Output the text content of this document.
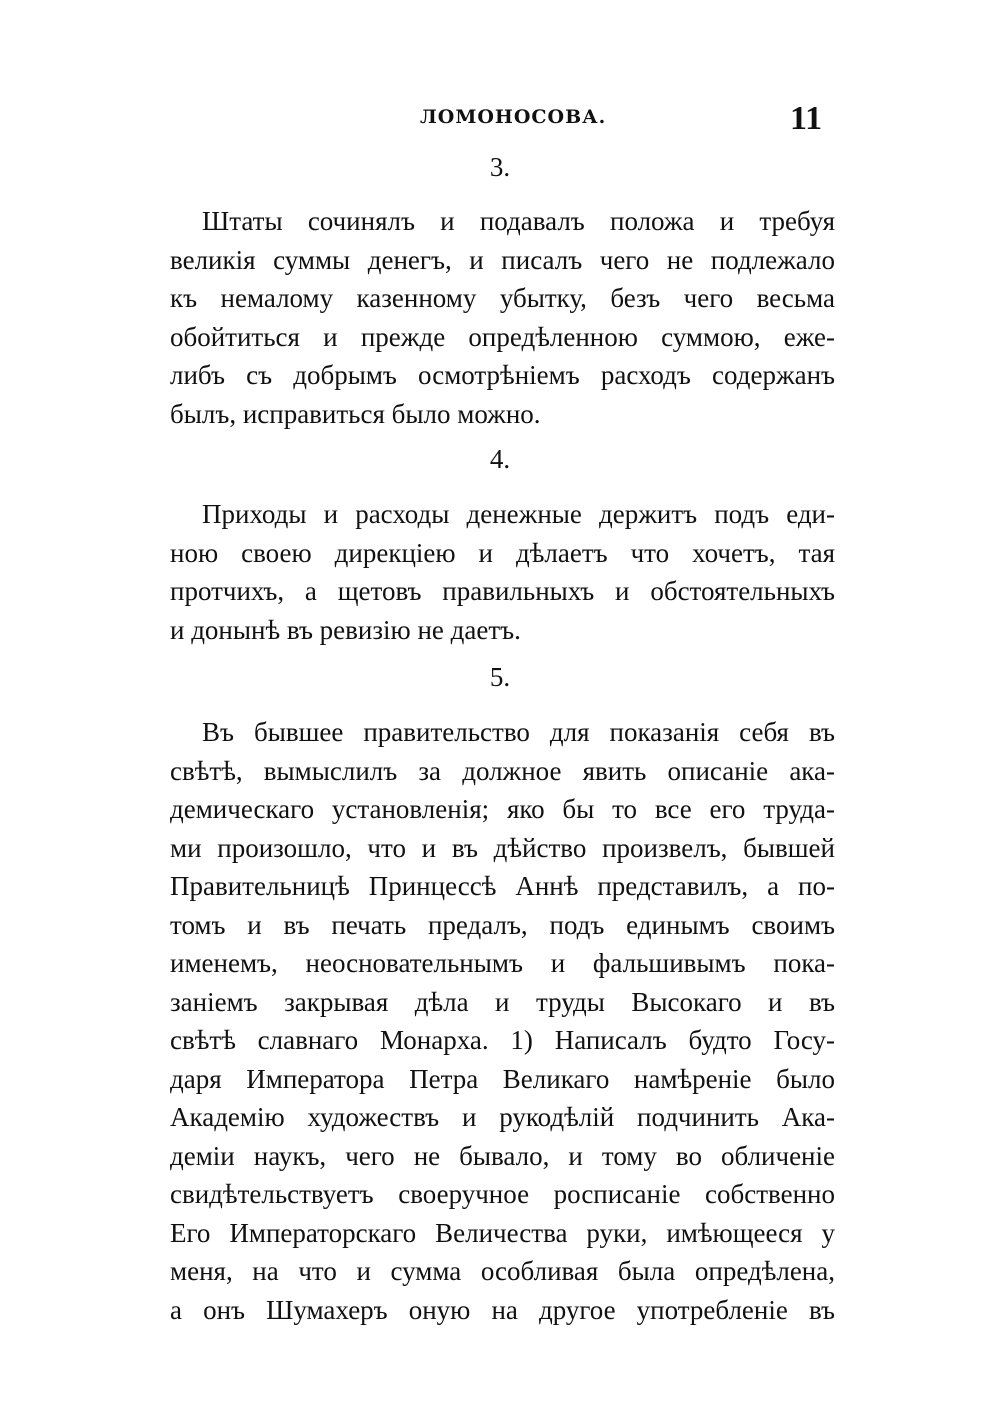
ЛОМОНОСОВА.	11
3.
Штаты сочинялъ и подавалъ положа и требуя
великія суммы денегъ, и писалъ чего не подлежало
къ немалому казенному убытку, безъ чего весьма
обойтиться и прежде опредѣленною суммою, еже-
либъ съ добрымъ осмотрѣніемъ расходъ содержанъ
былъ, исправиться было можно.
4.
Приходы и расходы денежные держитъ подъ еди-
ною своею дирекціею и дѣлаетъ что хочетъ, тая
протчихъ, а щетовъ правильныхъ и обстоятельныхъ
и донынѣ въ ревизію не даетъ.
5.
Въ бывшее правительство для показанія себя въ
свѣтѣ, вымыслилъ за должное явить описаніе ака-
демическаго установленія; яко бы то все его труда-
ми произошло, что и въ дѣйство произвелъ, бывшей
Правительницѣ Принцессѣ Аннѣ представилъ, а по-
томъ и въ печать предалъ, подъ единымъ своимъ
именемъ, неосновательнымъ и фальшивымъ пока-
заніемъ закрывая дѣла и труды Высокаго и въ
свѣтѣ славнаго Монарха. 1) Написалъ будто Госу-
даря Императора Петра Великаго намѣреніе было
Академію художествъ и рукодѣлій подчинить Ака-
деміи наукъ, чего не бывало, и тому во обличеніе
свидѣтельствуетъ своеручное росписаніе собственно
Его Императорскаго Величества руки, имѣющееся у
меня, на что и сумма особливая была опредѣлена,
а онъ Шумахеръ оную на другое употребленіе въ
